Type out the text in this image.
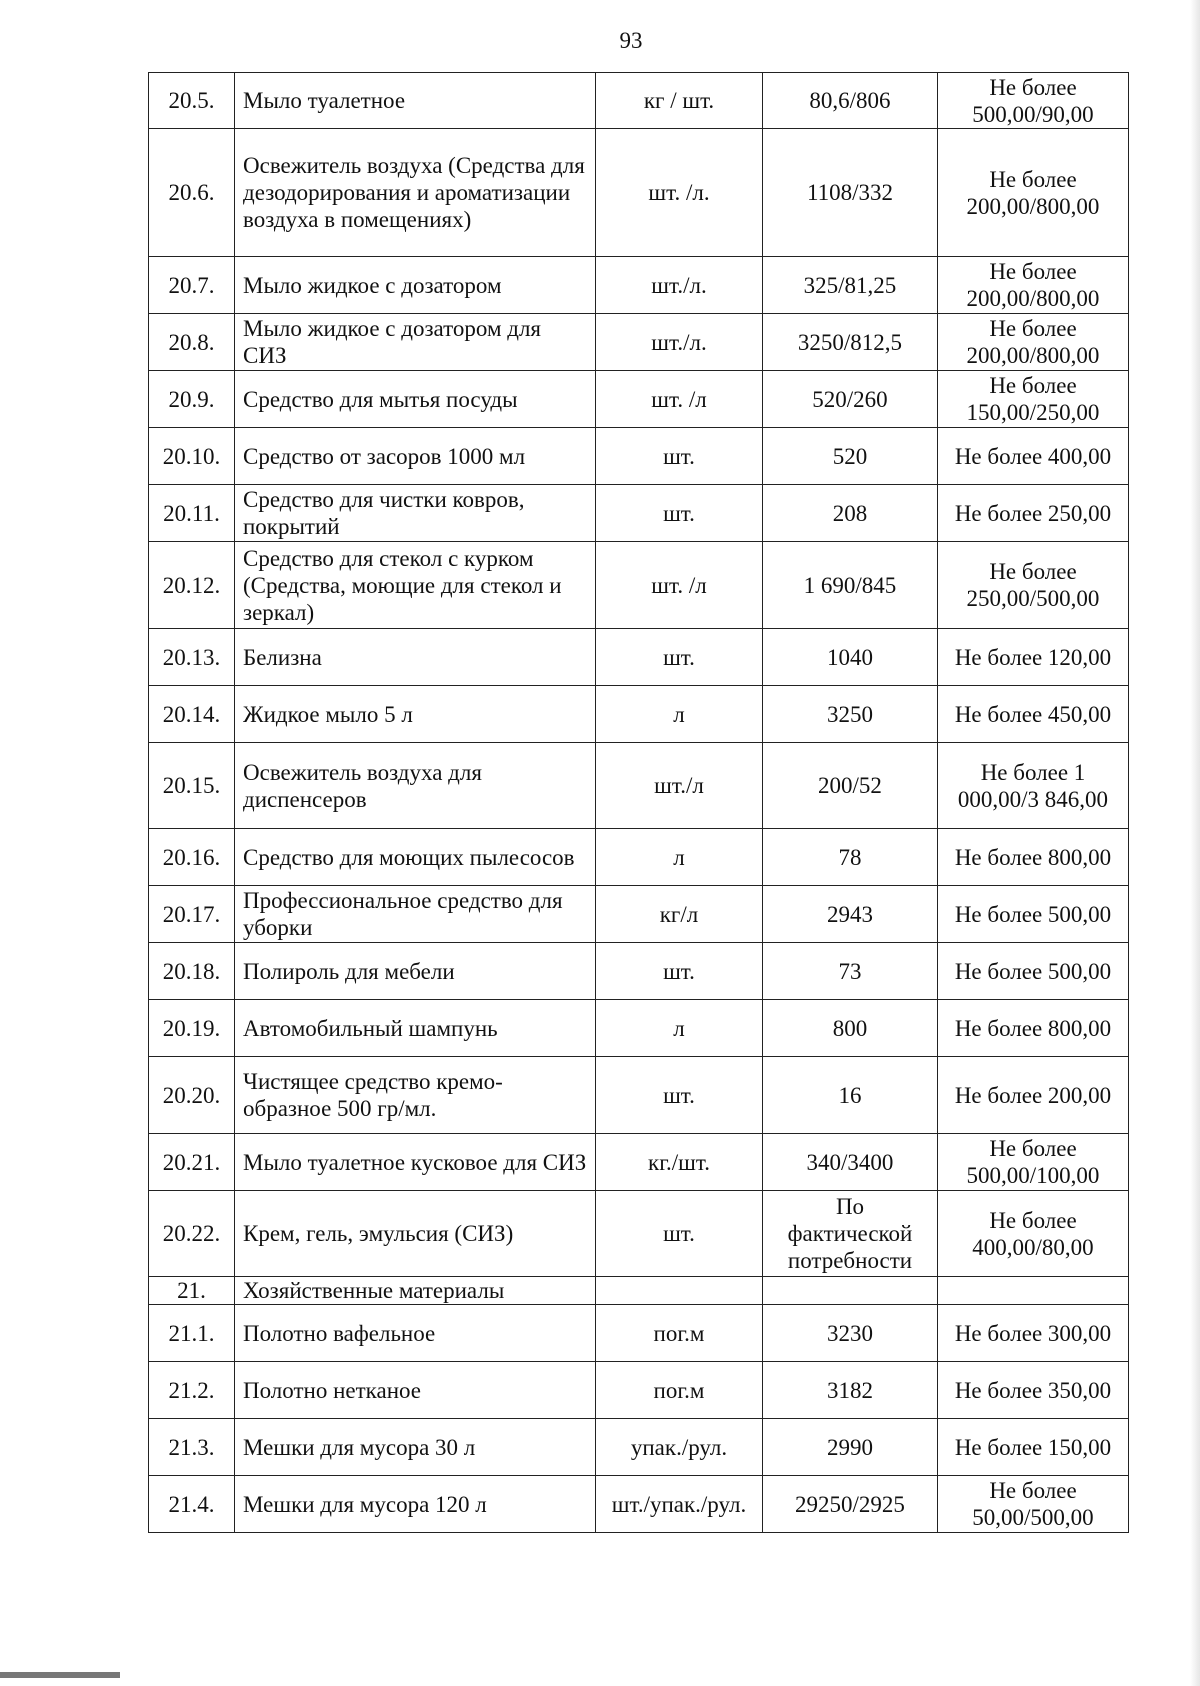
93
20.5.	Мыло туалетное	кг / шт.	80,6/806	Не более 500,00/90,00
20.6.	Освежитель воздуха (Средства для дезодорирования и ароматизации воздуха в помещениях)	шт. /л.	1108/332	Не более 200,00/800,00
20.7.	Мыло жидкое с дозатором	шт./л.	325/81,25	Не более 200,00/800,00
20.8.	Мыло жидкое с дозатором для СИЗ	шт./л.	3250/812,5	Не более 200,00/800,00
20.9.	Средство для мытья посуды	шт. /л	520/260	Не более 150,00/250,00
20.10.	Средство от засоров 1000 мл	шт.	520	Не более 400,00
20.11.	Средство для чистки ковров, покрытий	шт.	208	Не более 250,00
20.12.	Средство для стекол с курком (Средства, моющие для стекол и зеркал)	шт. /л	1 690/845	Не более 250,00/500,00
20.13.	Белизна	шт.	1040	Не более 120,00
20.14.	Жидкое мыло 5 л	л	3250	Не более 450,00
20.15.	Освежитель воздуха для диспенсеров	шт./л	200/52	Не более 1 000,00/3 846,00
20.16.	Средство для моющих пылесосов	л	78	Не более 800,00
20.17.	Профессиональное средство для уборки	кг/л	2943	Не более 500,00
20.18.	Полироль для мебели	шт.	73	Не более 500,00
20.19.	Автомобильный шампунь	л	800	Не более 800,00
20.20.	Чистящее средство кремо-образное 500 гр/мл.	шт.	16	Не более 200,00
20.21.	Мыло туалетное кусковое для СИЗ	кг./шт.	340/3400	Не более 500,00/100,00
20.22.	Крем, гель, эмульсия (СИЗ)	шт.	По фактической потребности	Не более 400,00/80,00
21.	Хозяйственные материалы			
21.1.	Полотно вафельное	пог.м	3230	Не более 300,00
21.2.	Полотно нетканое	пог.м	3182	Не более 350,00
21.3.	Мешки для мусора 30 л	упак./рул.	2990	Не более 150,00
21.4.	Мешки для мусора 120 л	шт./упак./рул.	29250/2925	Не более 50,00/500,00
